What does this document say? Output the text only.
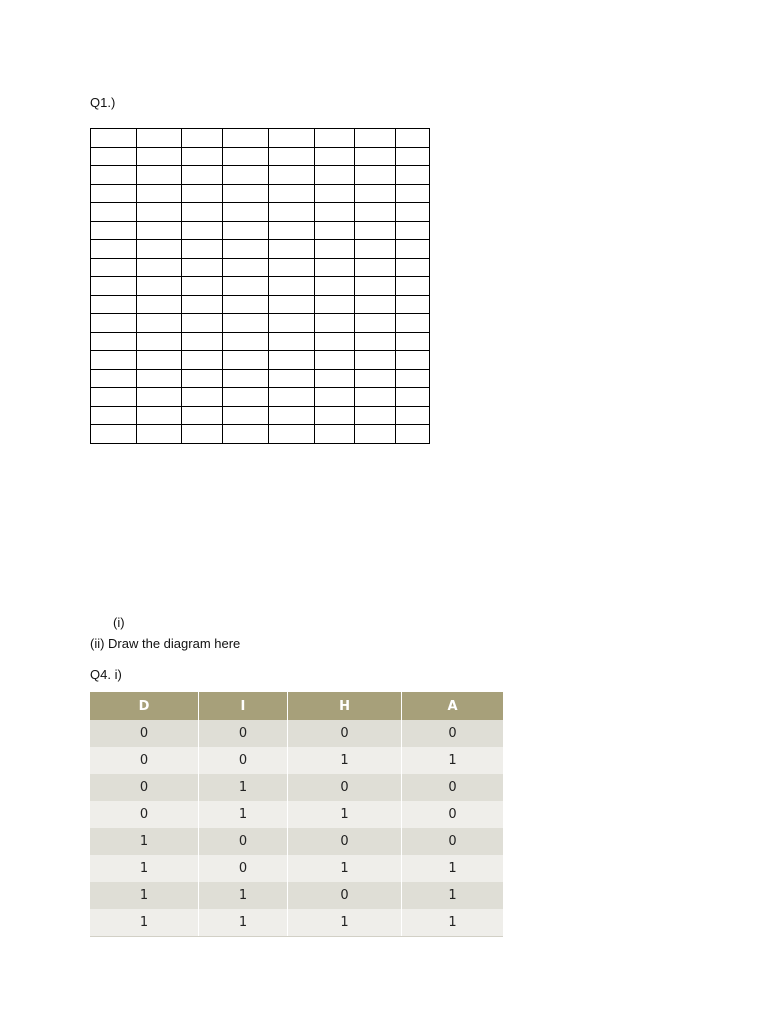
Q1.)

(i)
(ii) Draw the diagram here
Q4. i)
D	I	H	A
0	0	0	0
0	0	1	1
0	1	0	0
0	1	1	0
1	0	0	0
1	0	1	1
1	1	0	1
1	1	1	1
